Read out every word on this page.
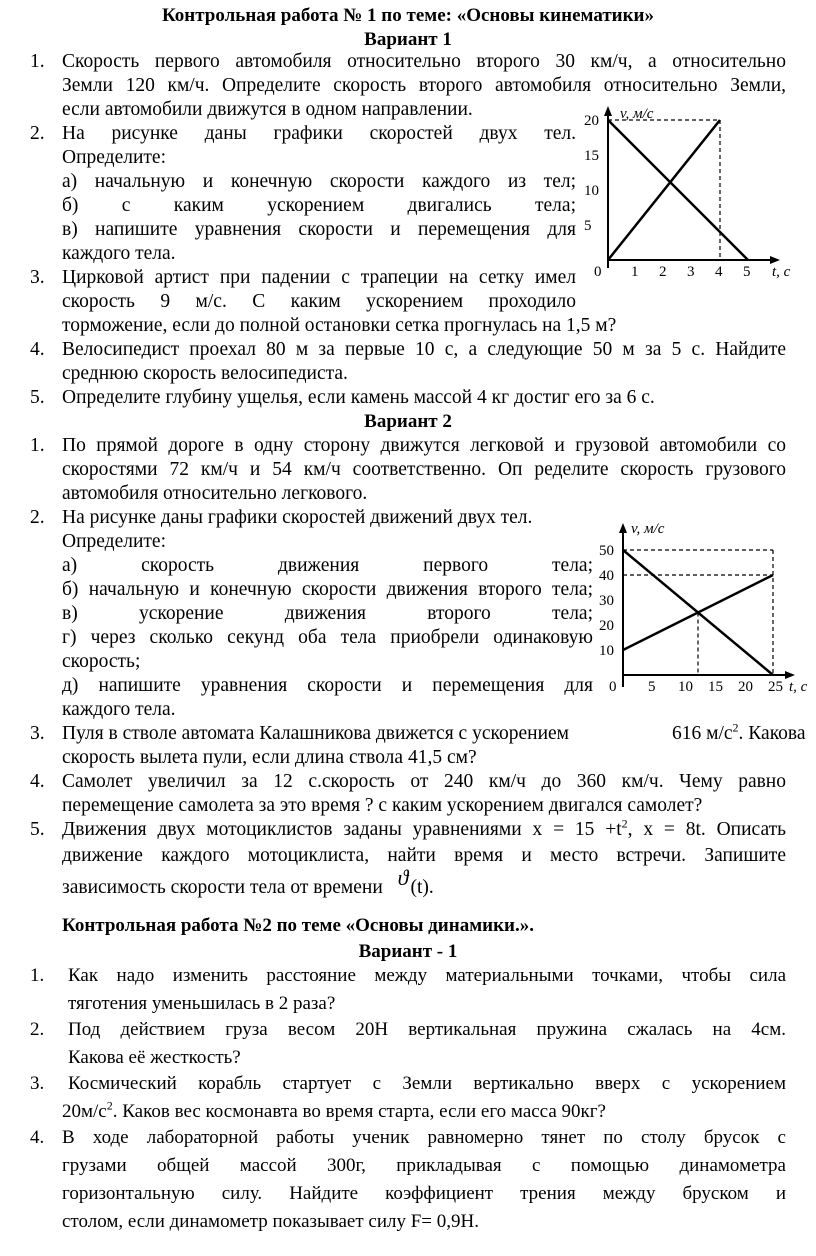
Контрольная работа № 1 по теме: «Основы кинематики»
Вариант 1
1. Скорость первого автомобиля относительно второго 30 км/ч, а относительно
Земли 120 км/ч. Определите скорость второго автомобиля относительно Земли,
если автомобили движутся в одном направлении.
2. На рисунке даны графики скоростей двух тел.
Определите:
а) начальную и конечную скорости каждого из тел;
б) с каким ускорением двигались тела;
в) напишите уравнения скорости и перемещения для
каждого тела.
3. Цирковой артист при падении с трапеции на сетку имел
скорость 9 м/с. С каким ускорением проходило
торможение, если до полной остановки сетка прогнулась на 1,5 м?
4. Велосипедист проехал 80 м за первые 10 с, а следующие 50 м за 5 с. Найдите
среднюю скорость велосипедиста.
5. Определите глубину ущелья, если камень массой 4 кг достиг его за 6 с.
Вариант 2
1. По прямой дороге в одну сторону движутся легковой и грузовой автомобили со
скоростями 72 км/ч и 54 км/ч соответственно. Оп ределите скорость грузового
автомобиля относительно легкового.
2. На рисунке даны графики скоростей движений двух тел.
Определите:
а) скорость движения первого тела;
б) начальную и конечную скорости движения второго тела;
в) ускорение движения второго тела;
г) через сколько секунд оба тела приобрели одинаковую
скорость;
д) напишите уравнения скорости и перемещения для
каждого тела.
3. Пуля в стволе автомата Калашникова движется с ускорением	616 $м/с^2$. Какова
скорость вылета пули, если длина ствола 41,5 см?
4. Самолет увеличил за 12 с.скорость от 240 км/ч до 360 км/ч. Чему равно
перемещение самолета за это время ? с каким ускорением двигался самолет?
5. Движения двух мотоциклистов заданы уравнениями $x = 15 +t^2$, x = 8t. Описать
движение каждого мотоциклиста, найти время и место встречи. Запишите
зависимость скорости тела от времени ϑ (t).
Контрольная работа №2 по теме «Основы динамики.».
Вариант - 1
1. Как надо изменить расстояние между материальными точками, чтобы сила
тяготения уменьшилась в 2 раза?
2. Под действием груза весом 20Н вертикальная пружина сжалась на 4см.
Какова её жесткость?
3. Космический корабль стартует с Земли вертикально вверх с ускорением
$20м/с^2$. Каков вес космонавта во время старта, если его масса 90кг?
4. В ходе лабораторной работы ученик равномерно тянет по столу брусок с
грузами общей массой 300г, прикладывая с помощью динамометра
горизонтальную силу. Найдите коэффициент трения между бруском и
столом, если динамометр показывает силу F= 0,9Н.
v, м/с
t, с
0 1 2 3 4 5
20
15
10
5
v, м/с
t, с
0 5 10 15 20 25
50
40
30
20
10
